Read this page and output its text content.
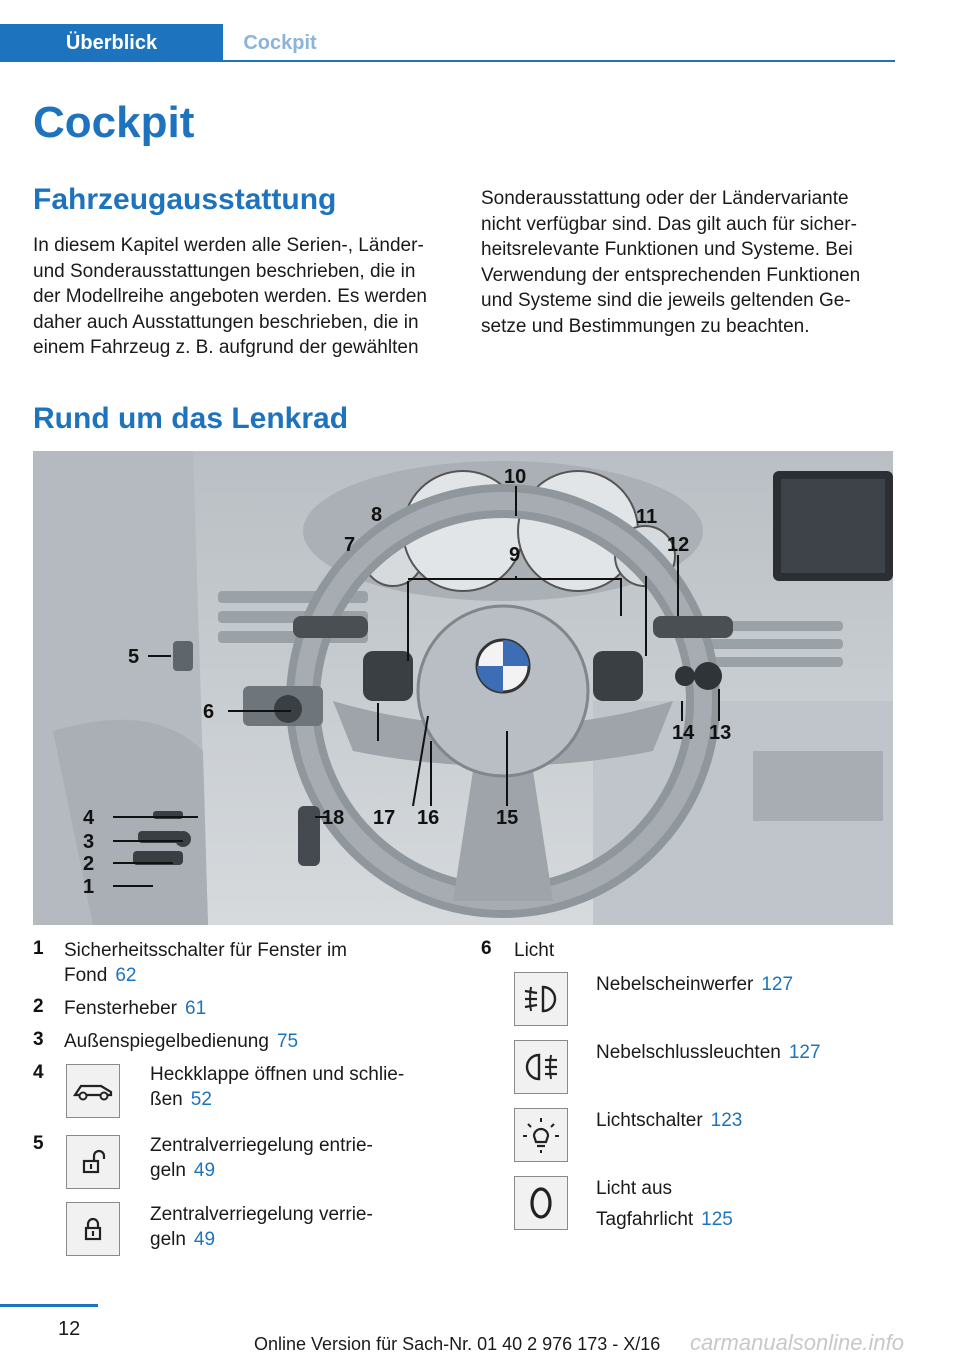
Überblick	Cockpit
Cockpit
Fahrzeugausstattung
In diesem Kapitel werden alle Serien-, Länder-
und Sonderausstattungen beschrieben, die in
der Modellreihe angeboten werden. Es werden
daher auch Ausstattungen beschrieben, die in
einem Fahrzeug z. B. aufgrund der gewählten
Sonderausstattung oder der Ländervariante
nicht verfügbar sind. Das gilt auch für sicher-
heitsrelevante Funktionen und Systeme. Bei
Verwendung der entsprechenden Funktionen
und Systeme sind die jeweils geltenden Ge-
setze und Bestimmungen zu beachten.
Rund um das Lenkrad
10
8
7	9
11
12
5
6
14 13
4
3
2
1
18 17 16	15
1 Sicherheitsschalter für Fenster im
Fond 62
2 Fensterheber 61
3 Außenspiegelbedienung 75
4	Heckklappe öffnen und schlie-
ßen 52
5	Zentralverriegelung entrie-
geln 49
Zentralverriegelung verrie-
geln 49
6 Licht
Nebelscheinwerfer 127
Nebelschlussleuchten 127
Lichtschalter 123
Licht aus
Tagfahrlicht 125
12
carmanualsonline.info
Online Version für Sach-Nr. 01 40 2 976 173 - X/16
